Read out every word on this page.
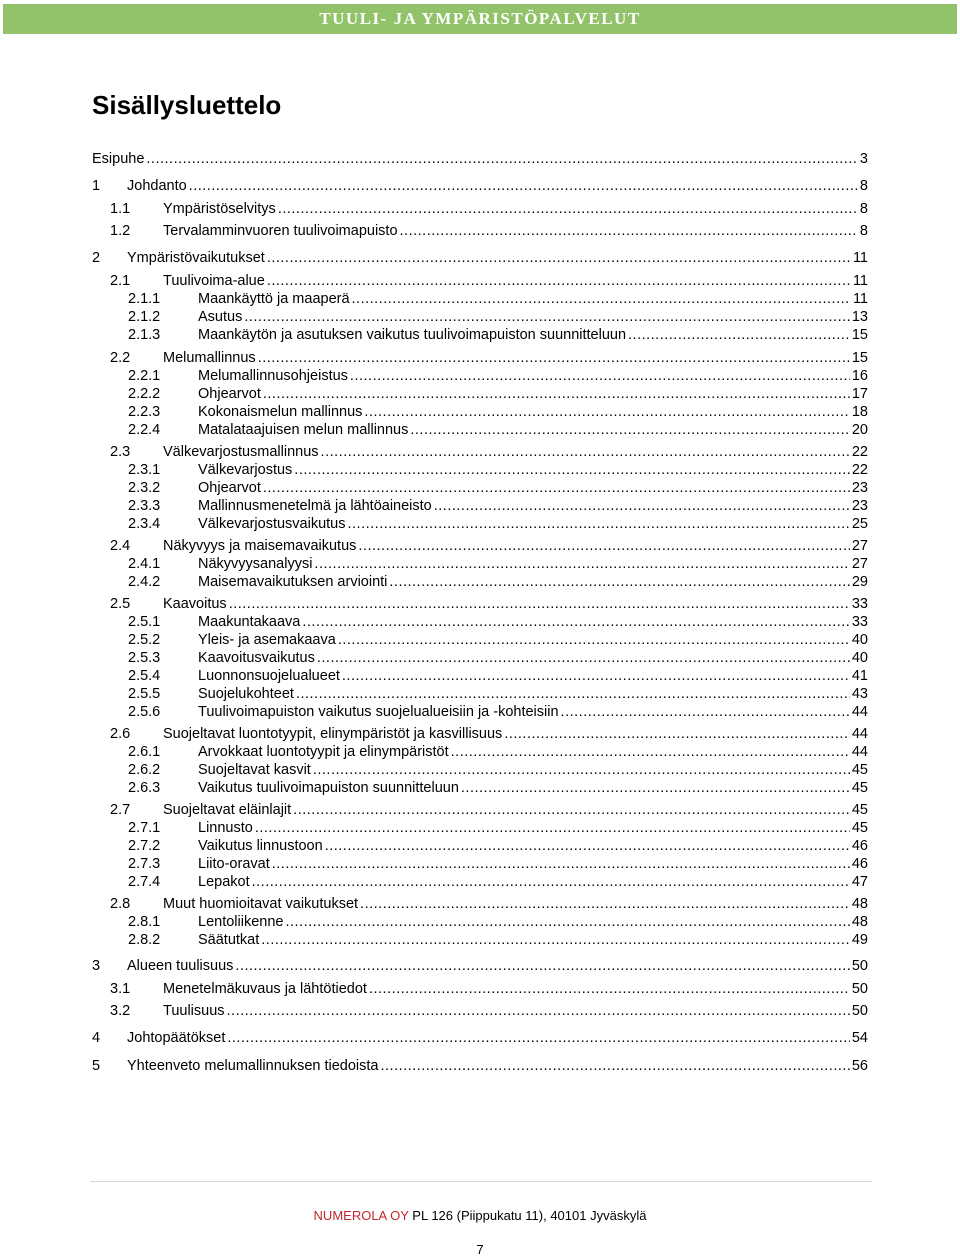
TUULI- JA YMPÄRISTÖPALVELUT
Sisällysluettelo
Esipuhe .....	3
1	Johdanto .....	8
1.1	Ympäristöselvitys .....	8
1.2	Tervalamminvuoren tuulivoimapuisto .....	8
2	Ympäristövaikutukset .....	11
2.1	Tuulivoima-alue .....	11
2.1.1	Maankäyttö ja maaperä .....	11
2.1.2	Asutus .....	13
2.1.3	Maankäytön ja asutuksen vaikutus tuulivoimapuiston suunnitteluun .....	15
2.2	Melumallinnus .....	15
2.2.1	Melumallinnusohjeistus .....	16
2.2.2	Ohjearvot .....	17
2.2.3	Kokonaismelun mallinnus .....	18
2.2.4	Matalataajuisen melun mallinnus .....	20
2.3	Välkevarjostusmallinnus .....	22
2.3.1	Välkevarjostus .....	22
2.3.2	Ohjearvot .....	23
2.3.3	Mallinnusmenetelmä ja lähtöaineisto .....	23
2.3.4	Välkevarjostusvaikutus .....	25
2.4	Näkyvyys ja maisemavaikutus .....	27
2.4.1	Näkyvyysanalyysi .....	27
2.4.2	Maisemavaikutuksen arviointi .....	29
2.5	Kaavoitus .....	33
2.5.1	Maakuntakaava .....	33
2.5.2	Yleis- ja asemakaava .....	40
2.5.3	Kaavoitusvaikutus .....	40
2.5.4	Luonnonsuojelualueet .....	41
2.5.5	Suojelukohteet .....	43
2.5.6	Tuulivoimapuiston vaikutus suojelualueisiin ja -kohteisiin .....	44
2.6	Suojeltavat luontotyypit, elinympäristöt ja kasvillisuus .....	44
2.6.1	Arvokkaat luontotyypit ja elinympäristöt .....	44
2.6.2	Suojeltavat kasvit .....	45
2.6.3	Vaikutus tuulivoimapuiston suunnitteluun .....	45
2.7	Suojeltavat eläinlajit .....	45
2.7.1	Linnusto .....	45
2.7.2	Vaikutus linnustoon .....	46
2.7.3	Liito-oravat .....	46
2.7.4	Lepakot .....	47
2.8	Muut huomioitavat vaikutukset .....	48
2.8.1	Lentoliikenne .....	48
2.8.2	Säätutkat .....	49
3	Alueen tuulisuus .....	50
3.1	Menetelmäkuvaus ja lähtötiedot .....	50
3.2	Tuulisuus .....	50
4	Johtopäätökset .....	54
5	Yhteenveto melumallinnuksen tiedoista .....	56
NUMEROLA OY PL 126 (Piippukatu 11), 40101 Jyväskylä
7
